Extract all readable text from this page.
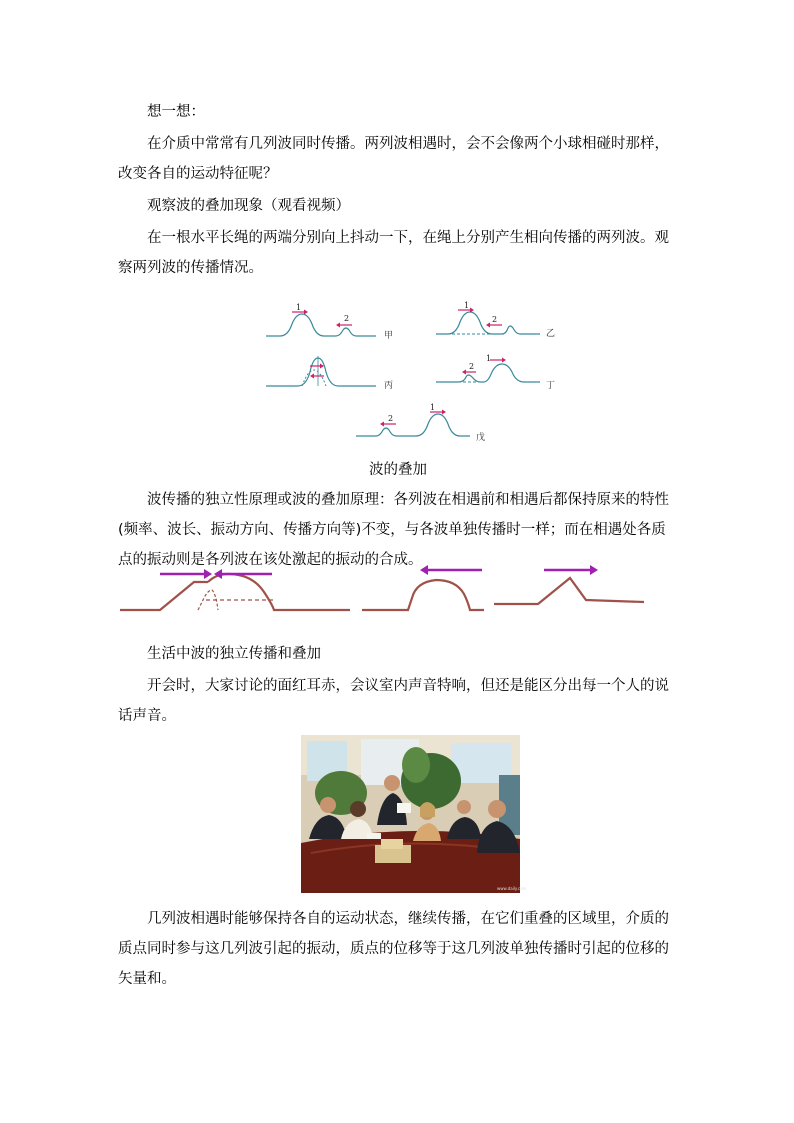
想一想：

在介质中常常有几列波同时传播。两列波相遇时，会不会像两个小球相碰时那样，改变各自的运动特征呢？

观察波的叠加现象（观看视频）

在一根水平长绳的两端分别向上抖动一下，在绳上分别产生相向传播的两列波。观察两列波的传播情况。

1
2
甲
1
2
乙
丙
1
2
丁
2
1
戊
波的叠加

波传播的独立性原理或波的叠加原理：各列波在相遇前和相遇后都保持原来的特性(频率、波长、振动方向、传播方向等)不变，与各波单独传播时一样；而在相遇处各质点的振动则是各列波在该处激起的振动的合成。

生活中波的独立传播和叠加

开会时，大家讨论的面红耳赤，会议室内声音特响，但还是能区分出每一个人的说话声音。

www.daily.com

几列波相遇时能够保持各自的运动状态，继续传播，在它们重叠的区域里，介质的质点同时参与这几列波引起的振动，质点的位移等于这几列波单独传播时引起的位移的矢量和。
